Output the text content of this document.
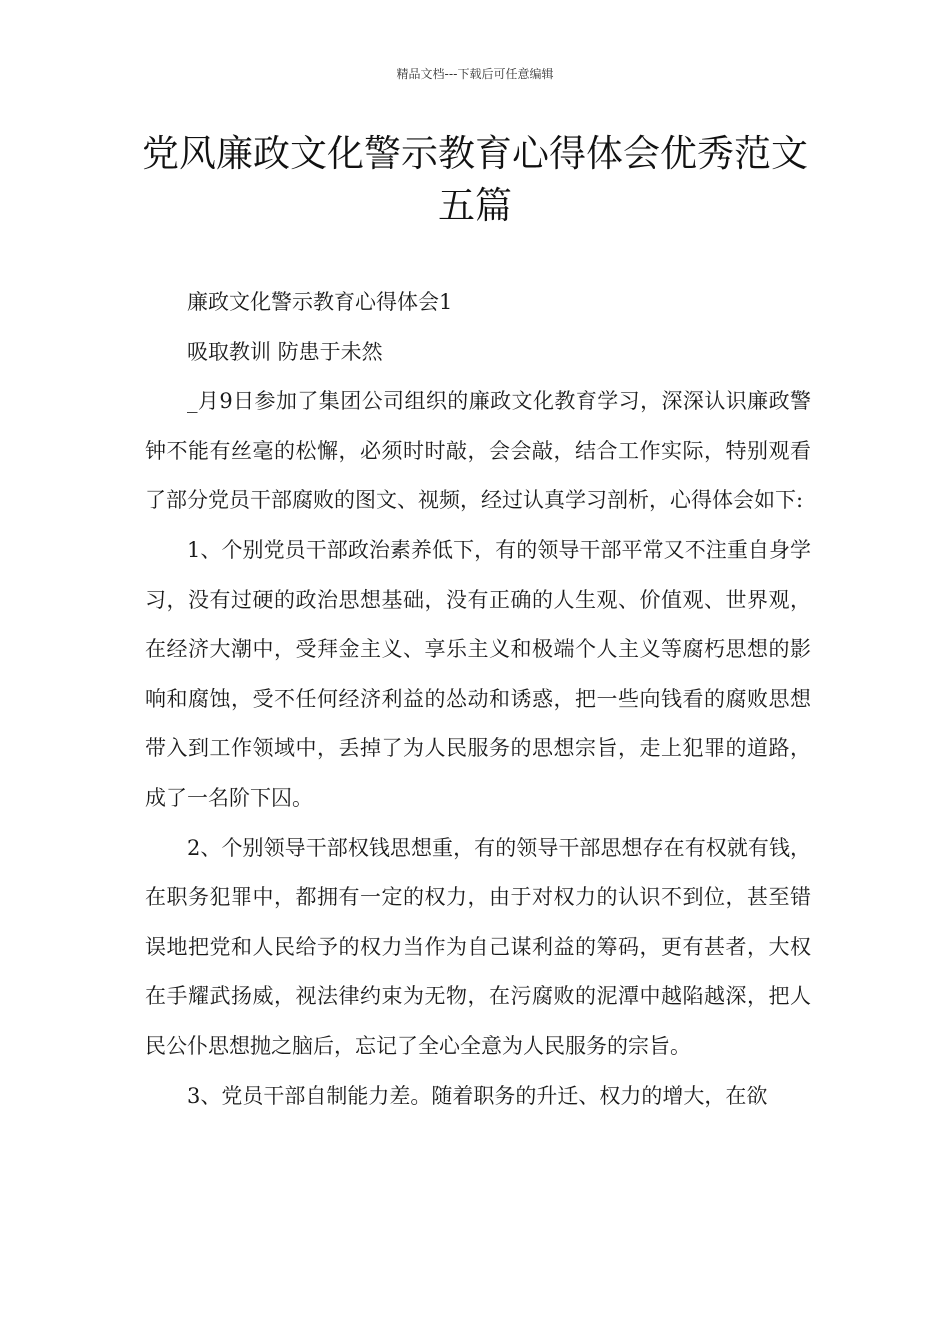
精品文档---下载后可任意编辑
党风廉政文化警示教育心得体会优秀范文五篇

廉政文化警示教育心得体会1

吸取教训 防患于未然

_月9日参加了集团公司组织的廉政文化教育学习，深深认识廉政警钟不能有丝毫的松懈，必须时时敲，会会敲，结合工作实际，特别观看了部分党员干部腐败的图文、视频，经过认真学习剖析，心得体会如下:

1、个别党员干部政治素养低下，有的领导干部平常又不注重自身学习，没有过硬的政治思想基础，没有正确的人生观、价值观、世界观，在经济大潮中，受拜金主义、享乐主义和极端个人主义等腐朽思想的影响和腐蚀，受不任何经济利益的怂动和诱惑，把一些向钱看的腐败思想带入到工作领域中，丢掉了为人民服务的思想宗旨，走上犯罪的道路，成了一名阶下囚。

2、个别领导干部权钱思想重，有的领导干部思想存在有权就有钱，在职务犯罪中，都拥有一定的权力，由于对权力的认识不到位，甚至错误地把党和人民给予的权力当作为自己谋利益的筹码，更有甚者，大权在手耀武扬威，视法律约束为无物，在污腐败的泥潭中越陷越深，把人民公仆思想抛之脑后，忘记了全心全意为人民服务的宗旨。

3、党员干部自制能力差。随着职务的升迁、权力的增大，在欲
